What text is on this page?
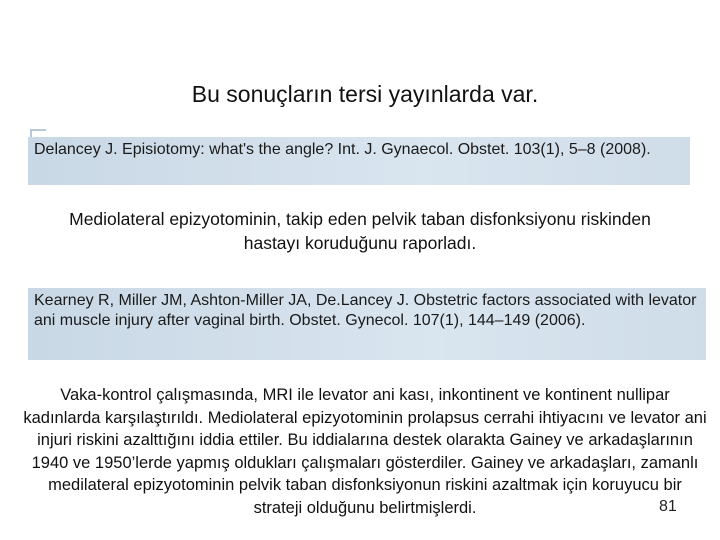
Bu sonuçların tersi yayınlarda var.
Delancey J. Episiotomy: what's the angle? Int. J. Gynaecol. Obstet. 103(1), 5–8 (2008).
Mediolateral epizyotominin, takip eden pelvik taban disfonksiyonu riskinden hastayı koruduğunu raporladı.
Kearney R, Miller JM, Ashton-Miller JA, De.Lancey J. Obstetric factors associated with levator ani muscle injury after vaginal birth. Obstet. Gynecol. 107(1), 144–149 (2006).
Vaka-kontrol çalışmasında, MRI ile levator ani kası, inkontinent ve kontinent nullipar kadınlarda karşılaştırıldı. Mediolateral epizyotominin prolapsus cerrahi ihtiyacını ve levator ani injuri riskini azalttığını iddia ettiler. Bu iddialarına destek olarakta Gainey ve arkadaşlarının 1940 ve 1950’lerde yapmış oldukları çalışmaları gösterdiler. Gainey ve arkadaşları, zamanlı medilateral epizyotominin pelvik taban disfonksiyonun riskini azaltmak için koruyucu bir strateji olduğunu belirtmişlerdi.	81
